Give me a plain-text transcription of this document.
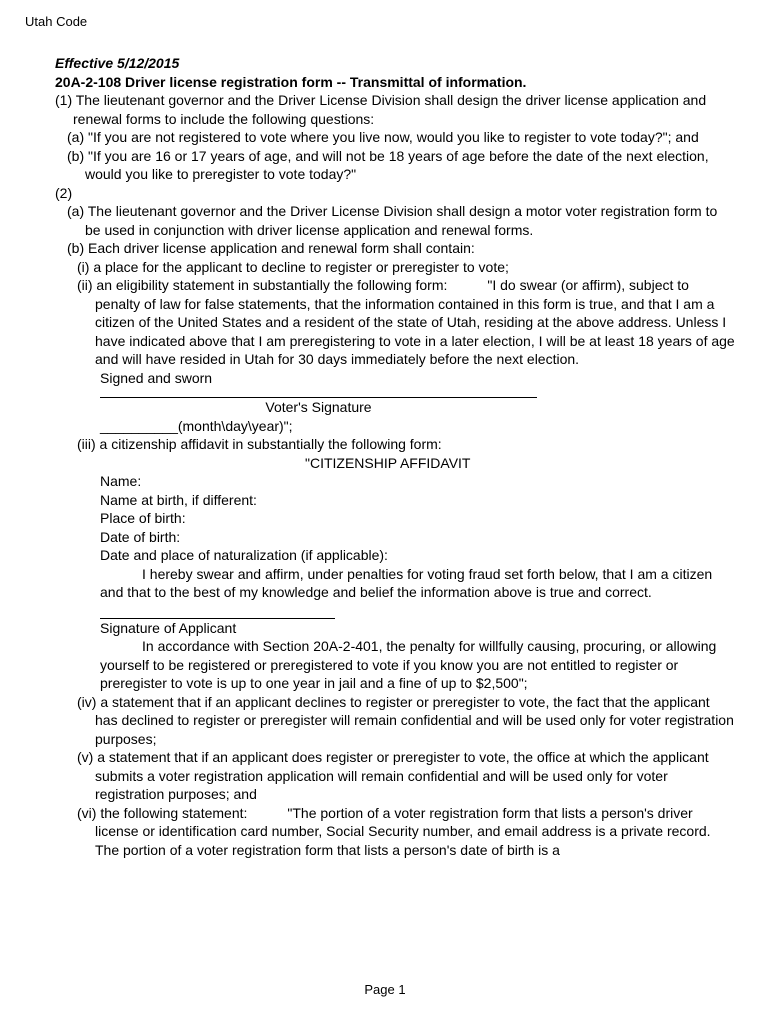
Utah Code

Effective 5/12/2015

20A-2-108 Driver license registration form -- Transmittal of information.

(1) The lieutenant governor and the Driver License Division shall design the driver license application and renewal forms to include the following questions:

(a) "If you are not registered to vote where you live now, would you like to register to vote today?"; and

(b) "If you are 16 or 17 years of age, and will not be 18 years of age before the date of the next election, would you like to preregister to vote today?"

(2)

(a) The lieutenant governor and the Driver License Division shall design a motor voter registration form to be used in conjunction with driver license application and renewal forms.

(b) Each driver license application and renewal form shall contain:

(i) a place for the applicant to decline to register or preregister to vote;

(ii) an eligibility statement in substantially the following form:	"I do swear (or affirm), subject to penalty of law for false statements, that the information contained in this form is true, and that I am a citizen of the United States and a resident of the state of Utah, residing at the above address. Unless I have indicated above that I am preregistering to vote in a later election, I will be at least 18 years of age and will have resided in Utah for 30 days immediately before the next election.

Signed and sworn

Voter's Signature

__________(month\day\year)";

(iii) a citizenship affidavit in substantially the following form:

"CITIZENSHIP AFFIDAVIT

Name:

Name at birth, if different:

Place of birth:

Date of birth:

Date and place of naturalization (if applicable):

I hereby swear and affirm, under penalties for voting fraud set forth below, that I am a citizen and that to the best of my knowledge and belief the information above is true and correct.

Signature of Applicant

In accordance with Section 20A-2-401, the penalty for willfully causing, procuring, or allowing yourself to be registered or preregistered to vote if you know you are not entitled to register or preregister to vote is up to one year in jail and a fine of up to $2,500";

(iv) a statement that if an applicant declines to register or preregister to vote, the fact that the applicant has declined to register or preregister will remain confidential and will be used only for voter registration purposes;

(v) a statement that if an applicant does register or preregister to vote, the office at which the applicant submits a voter registration application will remain confidential and will be used only for voter registration purposes; and

(vi) the following statement:	"The portion of a voter registration form that lists a person's driver license or identification card number, Social Security number, and email address is a private record. The portion of a voter registration form that lists a person's date of birth is a

Page 1
